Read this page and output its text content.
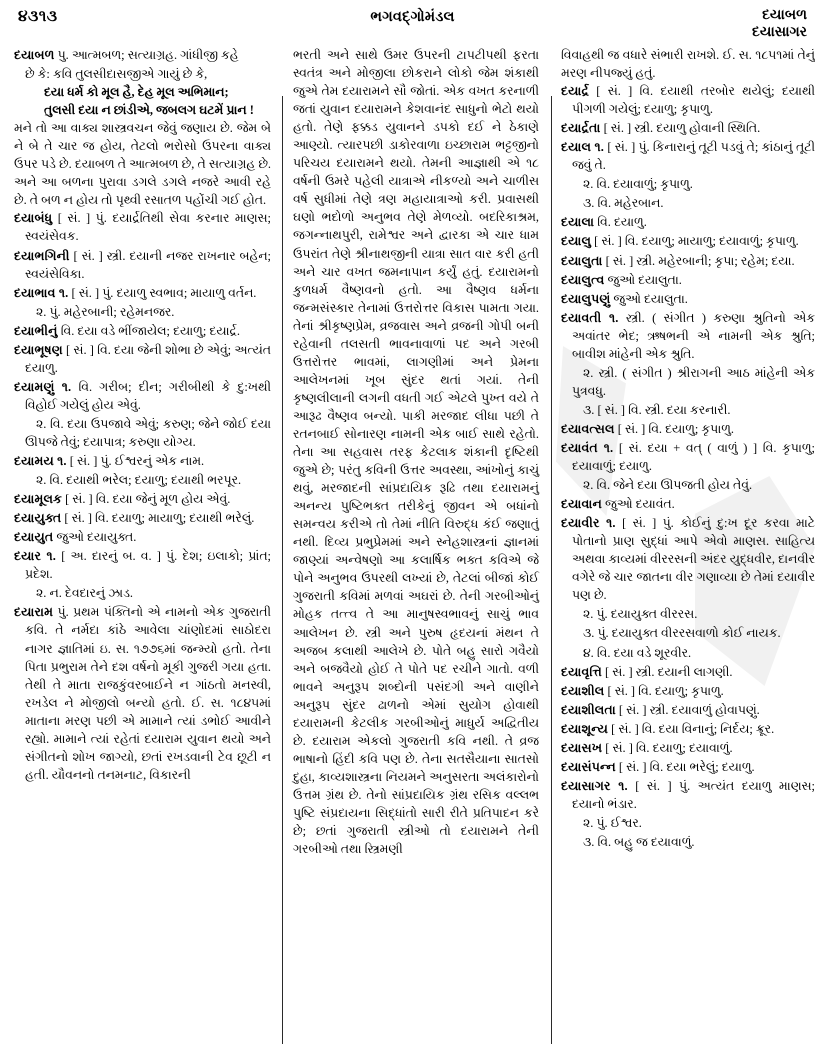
૪૩૧૩	ભગવદ્ગોમંડલ	દયાબળ
દયાસાગર

દયાબળ પુ. આત્મબળ; સત્યાગ્રહ. ગાંધીજી કહે

છે કે: કવિ તુલસીદાસજીએ ગાયું છે કે,

દયા ધર્મ કો મૂલ હૈ, દેહ મૂલ અભિમાન;

તુલસી દયા ન છાંડીએ, જબલગ ઘટમેં પ્રાન !

મને તો આ વાક્ય શાસ્ત્રવચન જેવું જણાય છે. જેમ બે ને બે તે ચાર જ હોય, તેટલો ભરોસો ઉપરના વાક્ય ઉપર પડે છે. દયાબળ તે આત્મબળ છે, તે સત્યાગ્રહ છે. અને આ બળના પુરાવા ડગલે ડગલે નજરે આવી રહે છે. તે બળ ન હોય તો પૃથ્વી રસાતળ પહોંચી ગઈ હોત.

દયાબંધુ [ સં. ] પું. દયાર્દ્રતિથી સેવા કરનાર માણસ; સ્વયંસેવક.

દયાભગિની [ સં. ] સ્ત્રી. દયાની નજર રાખનાર બહેન; સ્વયંસેવિકા.

દયાભાવ ૧. [ સં. ] પું. દયાળુ સ્વભાવ; માયાળુ વર્તન.

૨. પું. મહેરબાની; રહેમનજર.

દયાભીનું વિ. દયા વડે ભીંજાયેલ; દયાળુ; દયાર્દ્ર.

દયાભૂષણ [ સં. ] વિ. દયા જેની શોભા છે એવું; અત્યંત દયાળુ.

દયામણું ૧. વિ. ગરીબ; દીન; ગરીબીથી કે દુ:ખથી વિહોઈ ગયેલું હોય એવું.

૨. વિ. દયા ઉપજાવે એવું; કરુણ; જેને જોઈ દયા ઊપજે તેવું; દયાપાત્ર; કરુણા યોગ્ય.

દયામય ૧. [ સં. ] પું. ઈશ્વરનું એક નામ.

૨. વિ. દયાથી ભરેલ; દયાળુ; દયાથી ભરપૂર.

દયામૂલક [ સં. ] વિ. દયા જેનું મૂળ હોય એવું.

દયાયુક્ત [ સં. ] વિ. દયાળુ; માયાળુ; દયાથી ભરેલું.

દયાયુત જુઓ દયાયુક્ત.

દયાર ૧. [ અ. દારનું બ. વ. ] પું. દેશ; ઇલાકો; પ્રાંત; પ્રદેશ.

૨. ન. દેવદારનું ઝાડ.

દયારામ પું. પ્રથમ પંક્તિનો એ નામનો એક ગુજરાતી કવિ. તે નર્મદા કાંઠે આવેલા ચાંણોદમાં સાઠોદરા નાગર જ્ઞાતિમાં ઇ. સ. ૧૭૭૬માં જન્મ્યો હતો. તેના પિતા પ્રભુરામ તેને દશ વર્ષનો મૂકી ગુજરી ગયા હતા. તેથી તે માતા રાજકુંવરબાઈને ન ગાંઠતો મનસ્વી, રખડેલ ને મોજીલો બન્યો હતો. ઈ. સ. ૧૮૪૫માં માતાના મરણ પછી એ મામાને ત્યાં ડભોઈ આવીને રહ્યો. મામાને ત્યાં રહેતાં દયારામ યુવાન થયો અને સંગીતનો શોખ જાગ્યો, છતાં રખડવાની ટેવ છૂટી ન હતી. યૌવનનો તનમનાટ, વિકારની

ભરતી અને સાથે ઉમર ઉપરની ટાપટીપથી ફરતા સ્વતંત્ર અને મોજીલા છોકરાને લોકો જેમ શંકાથી જુએ તેમ દયારામને સૌ જોતાં. એક વખત કરનાળી જતાં યુવાન દયારામને કેશવાનંદ સાધુનો ભેટો થયો હતો. તેણે ફક્કડ યુવાનને ડપકો દઈ ને ઠેકાણે આણ્યો. ત્યારપછી ડાકોરવાળા ઇચ્છારામ ભટ્ટજીનો પરિચય દયારામને થયો. તેમની આજ્ઞાથી એ ૧૮ વર્ષની ઉમરે પહેલી યાત્રાએ નીકળ્યો અને ચાળીસ વર્ષ સુધીમાં તેણે ત્રણ મહાયાત્રાઓ કરી. પ્રવાસથી ઘણો ભદોળો અનુભવ તેણે મેળવ્યો. બદરિકાશ્રમ, જગન્નાથપુરી, રામેશ્વર અને દ્વારકા એ ચાર ધામ ઉપરાંત તેણે શ્રીનાથજીની યાત્રા સાત વાર કરી હતી અને ચાર વખત જમનાપાન કર્યું હતું. દયારામનો કુળધર્મ વૈષ્ણવનો હતો. આ વૈષ્ણવ ધર્મના જન્મસંસ્કાર તેનામાં ઉત્તરોત્તર વિકાસ પામતા ગયા. તેનાં શ્રીકૃષ્ણપ્રેમ, વ્રજવાસ અને વ્રજની ગોપી બની રહેવાની તલસતી ભાવનાવાળાં પદ અને ગરબી ઉત્તરોત્તર ભાવમાં, લાગણીમાં અને પ્રેમના આલેખનમાં ખૂબ સુંદર થતાં ગયાં. તેની કૃષ્ણલીલાની લગની વધતી ગઈ એટલે પુખ્ત વયે તે આરૂઢ વૈષ્ણવ બન્યો. પાકી મરજાદ લીધા પછી તે રતનબાઈ સોનારણ નામની એક બાઈ સાથે રહેતો. તેના આ સહવાસ તરફ કેટલાક શંકાની દૃષ્ટિથી જુએ છે; પરંતુ કવિની ઉત્તર અવસ્થા, આંખોનું કાચું થવું, મરજાદની સાંપ્રદાયિક રૂઢિ તથા દયારામનું અનન્ય પુષ્ટિભક્ત તરીકેનું જીવન એ બધાંનો સમન્વય કરીએ તો તેમાં નીતિ વિરુદ્ધ કંઈ જણાતું નથી. દિવ્ય પ્રભુપ્રેમમાં અને સ્નેહશાસ્ત્રનાં જ્ઞાનમાં જાણ્યાં અન્વેષણો આ કલાર્ષિક ભક્ત કવિએ જે પોને અનુભવ ઉપરથી લખ્યાં છે, તેટલાં બીજાં કોઈ ગુજરાતી કવિમાં મળવાં અઘરાં છે. તેની ગરબીઓનું મોહક તત્ત્વ તે આ માનુષસ્વભાવનું સાચું ભાવ આલેખન છે. સ્ત્રી અને પુરુષ હૃદયનાં મંથન તે અજબ કલાથી આલેખે છે. પોતે બહુ સારો ગવૈયો અને બજવૈયો હોઈ તે પોતે પદ રચીને ગાતો. વળી ભાવને અનુરૂપ શબ્દોની પસંદગી અને વાણીને અનુરૂપ સુંદર ઢાળનો એમાં સુયોગ હોવાથી દયારામની કેટલીક ગરબીઓનું માધુર્ય અદ્વિતીય છે. દયારામ એકલો ગુજરાતી કવિ નથી. તે વ્રજ ભાષાનો હિંદી કવિ પણ છે. તેના સતસૈયાના સાતસો દુહા, કાવ્યશાસ્ત્રના નિયમને અનુસરતા અલંકારોનો ઉત્તમ ગ્રંથ છે. તેનો સાંપ્રદાયિક ગ્રંથ રસિક વલ્લભ પુષ્ટિ સંપ્રદાયના સિદ્ધાંતો સારી રીતે પ્રતિપાદન કરે છે; છતાં ગુજરાતી સ્ત્રીઓ તો દયારામને તેની ગરબીઓ તથા સ્ત્રિમણી

વિવાહથી જ વધારે સંભારી રાખશે. ઈ. સ. ૧૮૫૧માં તેનું મરણ નીપજ્યું હતું.

દયાર્દ્ર [ સં. ] વિ. દયાથી તરબોર થયેલું; દયાથી પીગળી ગયેલું; દયાળુ; કૃપાળુ.

દયાર્દ્રતા [ સં. ] સ્ત્રી. દયાળુ હોવાની સ્થિતિ.

દયાલ ૧. [ સં. ] પું. કિનારાનું તૂટી પડવું તે; કાંઠાનું તૂટી જવું તે.

૨. વિ. દયાવાળું; કૃપાળુ.

૩. વિ. મહેરબાન.

દયાલા વિ. દયાળુ.

દયાલુ [ સં. ] વિ. દયાળુ; માયાળુ; દયાવાળું; કૃપાળુ.

દયાલુતા [ સં. ] સ્ત્રી. મહેરબાની; કૃપા; રહેમ; દયા.

દયાલુત્વ જુઓ દયાલુતા.

દયાલુપણું જુઓ દયાલુતા.

દયાવતી ૧. સ્ત્રી. ( સંગીત ) કરુણા શ્રુતિનો એક અવાંતર ભેદ; ઋષભની એ નામની એક શ્રુતિ; બાવીશ માંહેની એક શ્રુતિ.

૨. સ્ત્રી. ( સંગીત ) શ્રીરાગની આઠ માંહેની એક પુત્રવધુ.

૩. [ સં. ] વિ. સ્ત્રી. દયા કરનારી.

દયાવત્સલ [ સં. ] વિ. દયાળુ; કૃપાળુ.

દયાવંત ૧. [ સં. દયા + વત્ ( વાળું ) ] વિ. કૃપાળુ; દયાવાળું; દયાળુ.

૨. વિ. જેને દયા ઊપજતી હોય તેવું.

દયાવાન જુઓ દયાવંત.

દયાવીર ૧. [ સં. ] પું. કોઈનું દુ:ખ દૂર કરવા માટે પોતાનો પ્રાણ સુદ્ધાં આપે એવો માણસ. સાહિત્ય અથવા કાવ્યમાં વીરરસની અંદર યુદ્ધવીર, દાનવીર વગેરે જે ચાર જાતના વીર ગણાવ્યા છે તેમાં દયાવીર પણ છે.

૨. પું. દયાયુક્ત વીરરસ.

૩. પું. દયાયુક્ત વીરરસવાળો કોઈ નાયક.

૪. વિ. દયા વડે શૂરવીર.

દયાવૃત્તિ [ સં. ] સ્ત્રી. દયાની લાગણી.

દયાશીલ [ સં. ] વિ. દયાળુ; કૃપાળુ.

દયાશીલતા [ સં. ] સ્ત્રી. દયાવાળું હોવાપણું.

દયાશૂન્ય [ સં. ] વિ. દયા વિનાનું; નિર્દય; ક્રૂર.

દયાસખ [ સં. ] વિ. દયાળુ; દયાવાળું.

દયાસંપન્ન [ સં. ] વિ. દયા ભરેલું; દયાળુ.

દયાસાગર ૧. [ સં. ] પું. અત્યંત દયાળુ માણસ; દયાનો ભંડાર.

૨. પું. ઈશ્વર.

૩. વિ. બહુ જ દયાવાળું.
